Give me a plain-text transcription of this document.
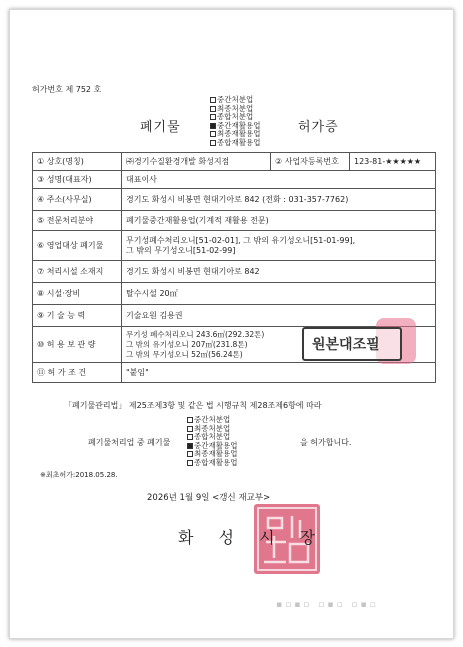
허가번호 제 752 호
폐기물	허가증
중간처분업
최종처분업
종합처분업
중간재활용업
최종재활용업
종합재활용업
① 상호(명칭)	㈜경기수질환경개발 화성지점	② 사업자등록번호	123-81-★★★★★
③ 성명(대표자)	대표이사		
④ 주소(사무실)	경기도 화성시 비봉면 현대기아로 842 (전화 : 031-357-7762)		
⑤ 전문처리분야	폐기물중간재활용업(기계적 재활용 전문)		
⑥ 영업대상 폐기물	무기성폐수처리오니[51-02-01], 그 밖의 유기성오니[51-01-99],
그 밖의 무기성오니[51-02-99]		

⑦ 처리시설 소재지	경기도 화성시 비봉면 현대기아로 842		
⑧ 시설·장비	탈수시설 20㎥		
⑨ 기 술 능 력	기술요원 김용권		
⑩ 허 용 보 관 량	무기성 폐수처리오니 243.6㎥(292.32톤)
그 밖의 유기성오니 207㎥(231.8톤)
그 밖의 무기성오니 52㎥(56.24톤)		

⑪ 허 가 조 건	"붙임"		
원본대조필
「폐기물관리법」 제25조제3항 및 같은 법 시행규칙 제28조제6항에 따라
폐기물처리업 중 폐기물
중간처분업
최종처분업
종합처분업
중간재활용업
최종재활용업
종합재활용업
을 허가합니다.
※최초허가:2018.05.28.
2026년 1월 9일 <갱신 재교부>
화 성 시 장
▪▫▪▫ ▫▪▫ ▫▪▫
